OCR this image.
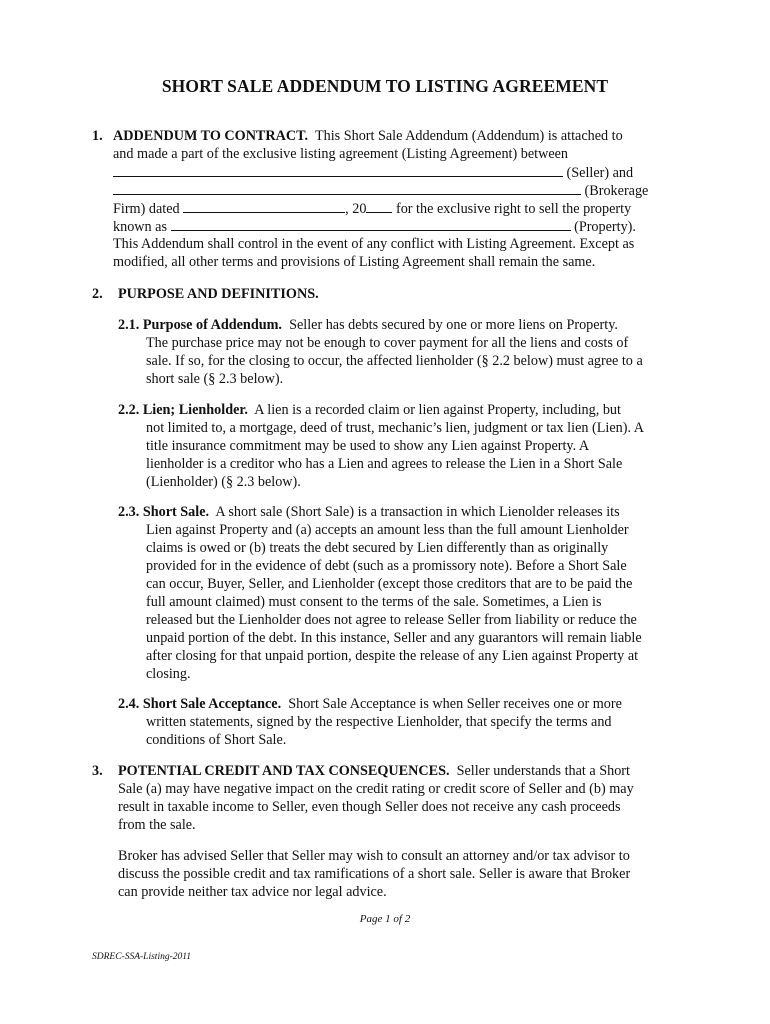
SHORT SALE ADDENDUM TO LISTING AGREEMENT
1. ADDENDUM TO CONTRACT. This Short Sale Addendum (Addendum) is attached to
and made a part of the exclusive listing agreement (Listing Agreement) between
(Seller) and
(Brokerage
Firm) dated	, 20 for the exclusive right to sell the property
known as	(Property).
This Addendum shall control in the event of any conflict with Listing Agreement. Except as
modified, all other terms and provisions of Listing Agreement shall remain the same.
2. PURPOSE AND DEFINITIONS.
2.1. Purpose of Addendum. Seller has debts secured by one or more liens on Property.
The purchase price may not be enough to cover payment for all the liens and costs of
sale. If so, for the closing to occur, the affected lienholder (§ 2.2 below) must agree to a
short sale (§ 2.3 below).
2.2. Lien; Lienholder. A lien is a recorded claim or lien against Property, including, but
not limited to, a mortgage, deed of trust, mechanic’s lien, judgment or tax lien (Lien). A
title insurance commitment may be used to show any Lien against Property. A
lienholder is a creditor who has a Lien and agrees to release the Lien in a Short Sale
(Lienholder) (§ 2.3 below).
2.3. Short Sale. A short sale (Short Sale) is a transaction in which Lienolder releases its
Lien against Property and (a) accepts an amount less than the full amount Lienholder
claims is owed or (b) treats the debt secured by Lien differently than as originally
provided for in the evidence of debt (such as a promissory note). Before a Short Sale
can occur, Buyer, Seller, and Lienholder (except those creditors that are to be paid the
full amount claimed) must consent to the terms of the sale. Sometimes, a Lien is
released but the Lienholder does not agree to release Seller from liability or reduce the
unpaid portion of the debt. In this instance, Seller and any guarantors will remain liable
after closing for that unpaid portion, despite the release of any Lien against Property at
closing.
2.4. Short Sale Acceptance. Short Sale Acceptance is when Seller receives one or more
written statements, signed by the respective Lienholder, that specify the terms and
conditions of Short Sale.
3. POTENTIAL CREDIT AND TAX CONSEQUENCES. Seller understands that a Short
Sale (a) may have negative impact on the credit rating or credit score of Seller and (b) may
result in taxable income to Seller, even though Seller does not receive any cash proceeds
from the sale.
Broker has advised Seller that Seller may wish to consult an attorney and/or tax advisor to
discuss the possible credit and tax ramifications of a short sale. Seller is aware that Broker
can provide neither tax advice nor legal advice.
Page 1 of 2
SDREC-SSA-Listing-2011
